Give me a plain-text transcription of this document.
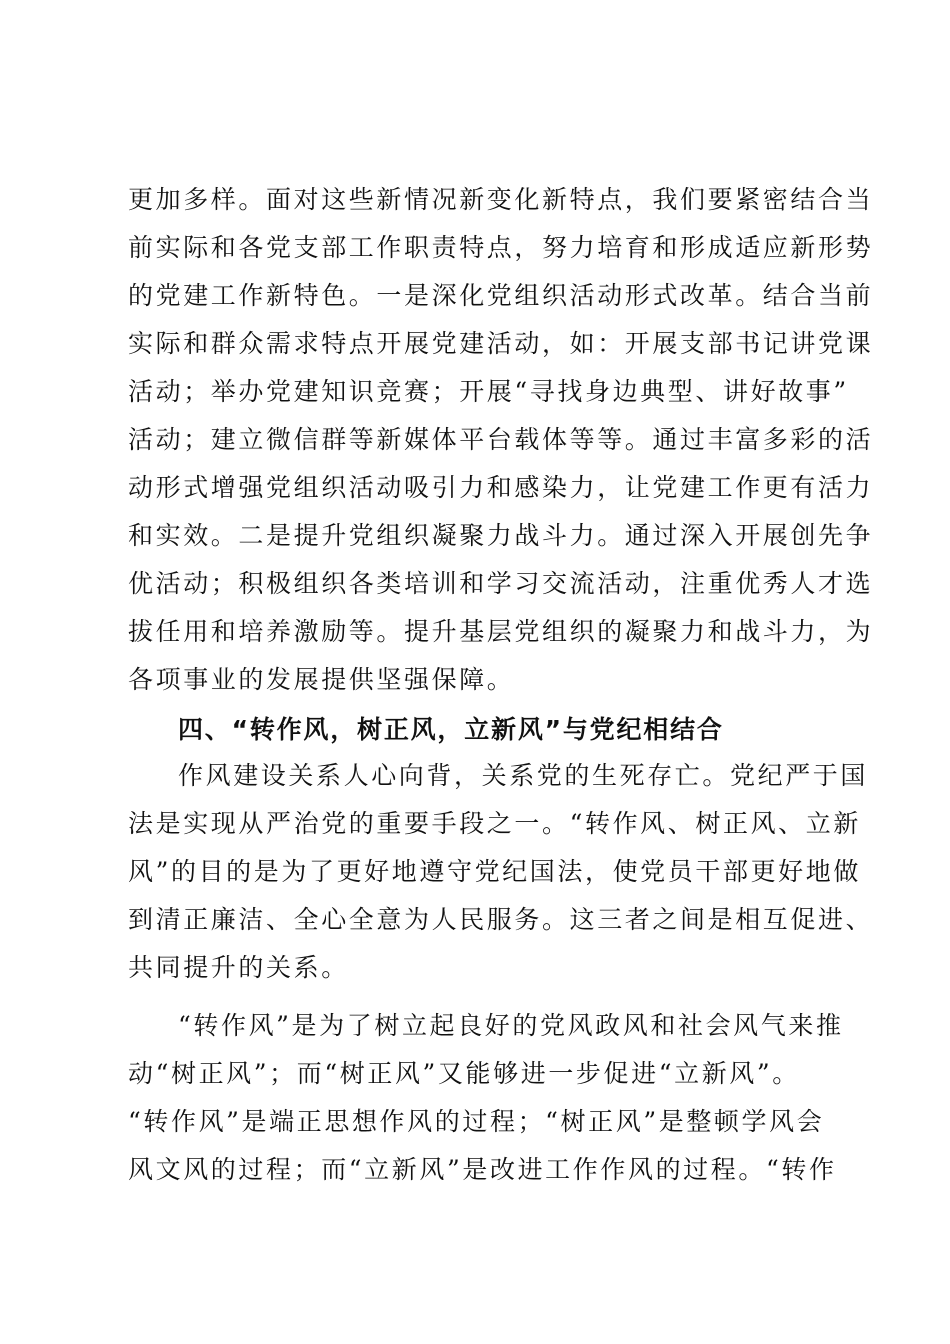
更加多样。面对这些新情况新变化新特点，我们要紧密结合当
前实际和各党支部工作职责特点，努力培育和形成适应新形势
的党建工作新特色。一是深化党组织活动形式改革。结合当前
实际和群众需求特点开展党建活动，如：开展支部书记讲党课
活动；举办党建知识竞赛；开展“寻找身边典型、讲好故事”
活动；建立微信群等新媒体平台载体等等。通过丰富多彩的活
动形式增强党组织活动吸引力和感染力，让党建工作更有活力
和实效。二是提升党组织凝聚力战斗力。通过深入开展创先争
优活动；积极组织各类培训和学习交流活动，注重优秀人才选
拔任用和培养激励等。提升基层党组织的凝聚力和战斗力，为
各项事业的发展提供坚强保障。
四、“转作风，树正风，立新风”与党纪相结合
作风建设关系人心向背，关系党的生死存亡。党纪严于国
法是实现从严治党的重要手段之一。“转作风、树正风、立新
风”的目的是为了更好地遵守党纪国法，使党员干部更好地做
到清正廉洁、全心全意为人民服务。这三者之间是相互促进、
共同提升的关系。
“转作风”是为了树立起良好的党风政风和社会风气来推
动“树正风”；而“树正风”又能够进一步促进“立新风”。
“转作风”是端正思想作风的过程；“树正风”是整顿学风会
风文风的过程；而“立新风”是改进工作作风的过程。“转作
